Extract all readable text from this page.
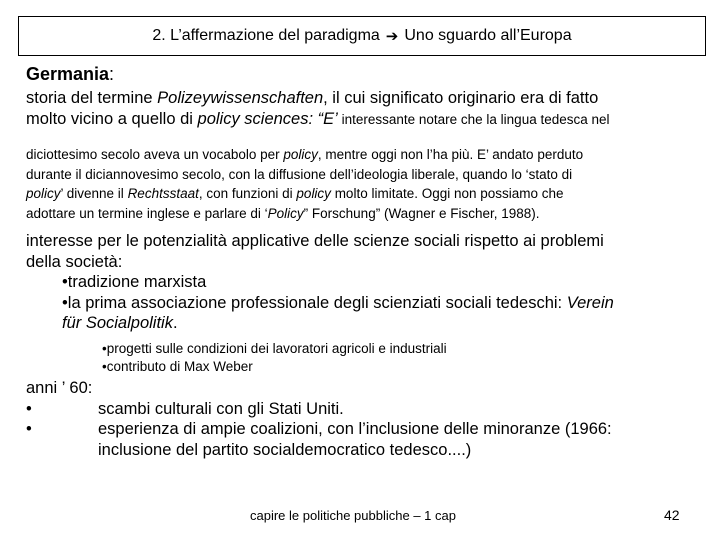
2. L’affermazione del paradigma ➔ Uno sguardo all’Europa
Germania:
storia del termine Polizeywissenschaften, il cui significato originario era di fatto
molto vicino a quello di policy sciences: “E’ interessante notare che la lingua tedesca nel
diciottesimo secolo aveva un vocabolo per policy, mentre oggi non l’ha più. E’ andato perduto
durante il diciannovesimo secolo, con la diffusione dell’ideologia liberale, quando lo ‘stato di
policy’ divenne il Rechtsstaat, con funzioni di policy molto limitate. Oggi non possiamo che
adottare un termine inglese e parlare di ‘Policy” Forschung” (Wagner e Fischer, 1988).
interesse per le potenzialità applicative delle scienze sociali rispetto ai problemi
della società:
•tradizione marxista
•la prima associazione professionale degli scienziati sociali tedeschi: Verein
für Socialpolitik.
•progetti sulle condizioni dei lavoratori agricoli e industriali
•contributo di Max Weber
anni ’ 60:
•	scambi culturali con gli Stati Uniti.
•	esperienza di ampie coalizioni, con l’inclusione delle minoranze (1966:
inclusione del partito socialdemocratico tedesco....)
capire le politiche pubbliche – 1 cap	42
